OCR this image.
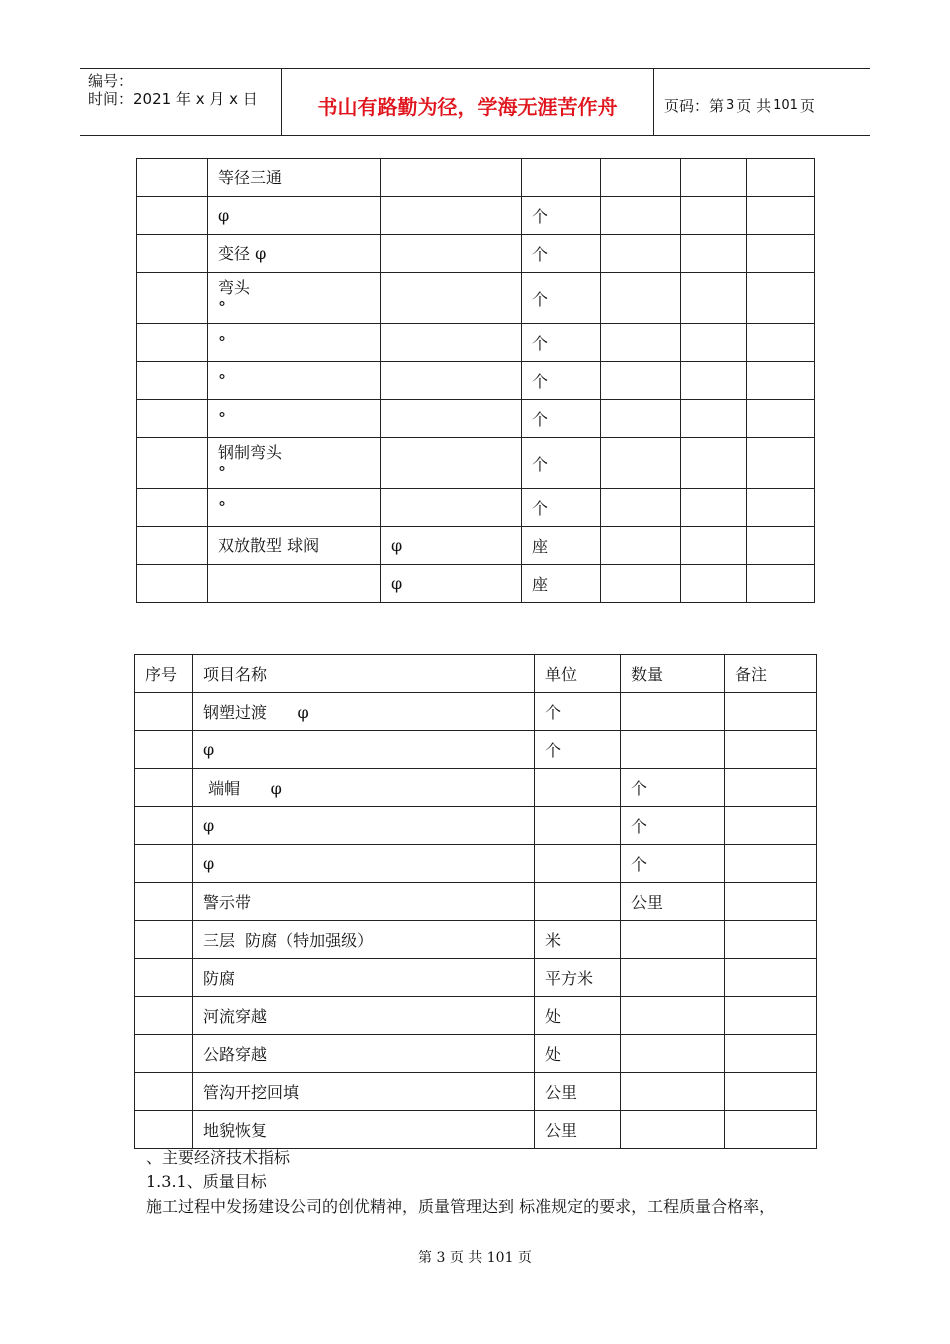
编号：
时间：2021 年 x 月 x 日	书山有路勤为径，学海无涯苦作舟	页码：第 3 页 共 101 页

	等径三通					

	φ		个			

	变径 φ		个			

	弯头
°		个			

	°		个			

	°		个			

	°		个			

	钢制弯头
°		个			

	°		个			

	双放散型 球阀	φ	座			

	φ	座			
序号	项目名称	单位	数量	备注
	钢塑过渡      φ	个		
	φ	个		
	端帽      φ		个	
	φ		个	
	φ		个	
	警示带		公里	
	三层  防腐（特加强级）	米		
	防腐	平方米		
	河流穿越	处		
	公路穿越	处		
	管沟开挖回填	公里		
	地貌恢复	公里		
、主要经济技术指标
1.3.1、质量目标
施工过程中发扬建设公司的创优精神，质量管理达到 标准规定的要求，工程质量合格率，
第 3 页 共 101 页
